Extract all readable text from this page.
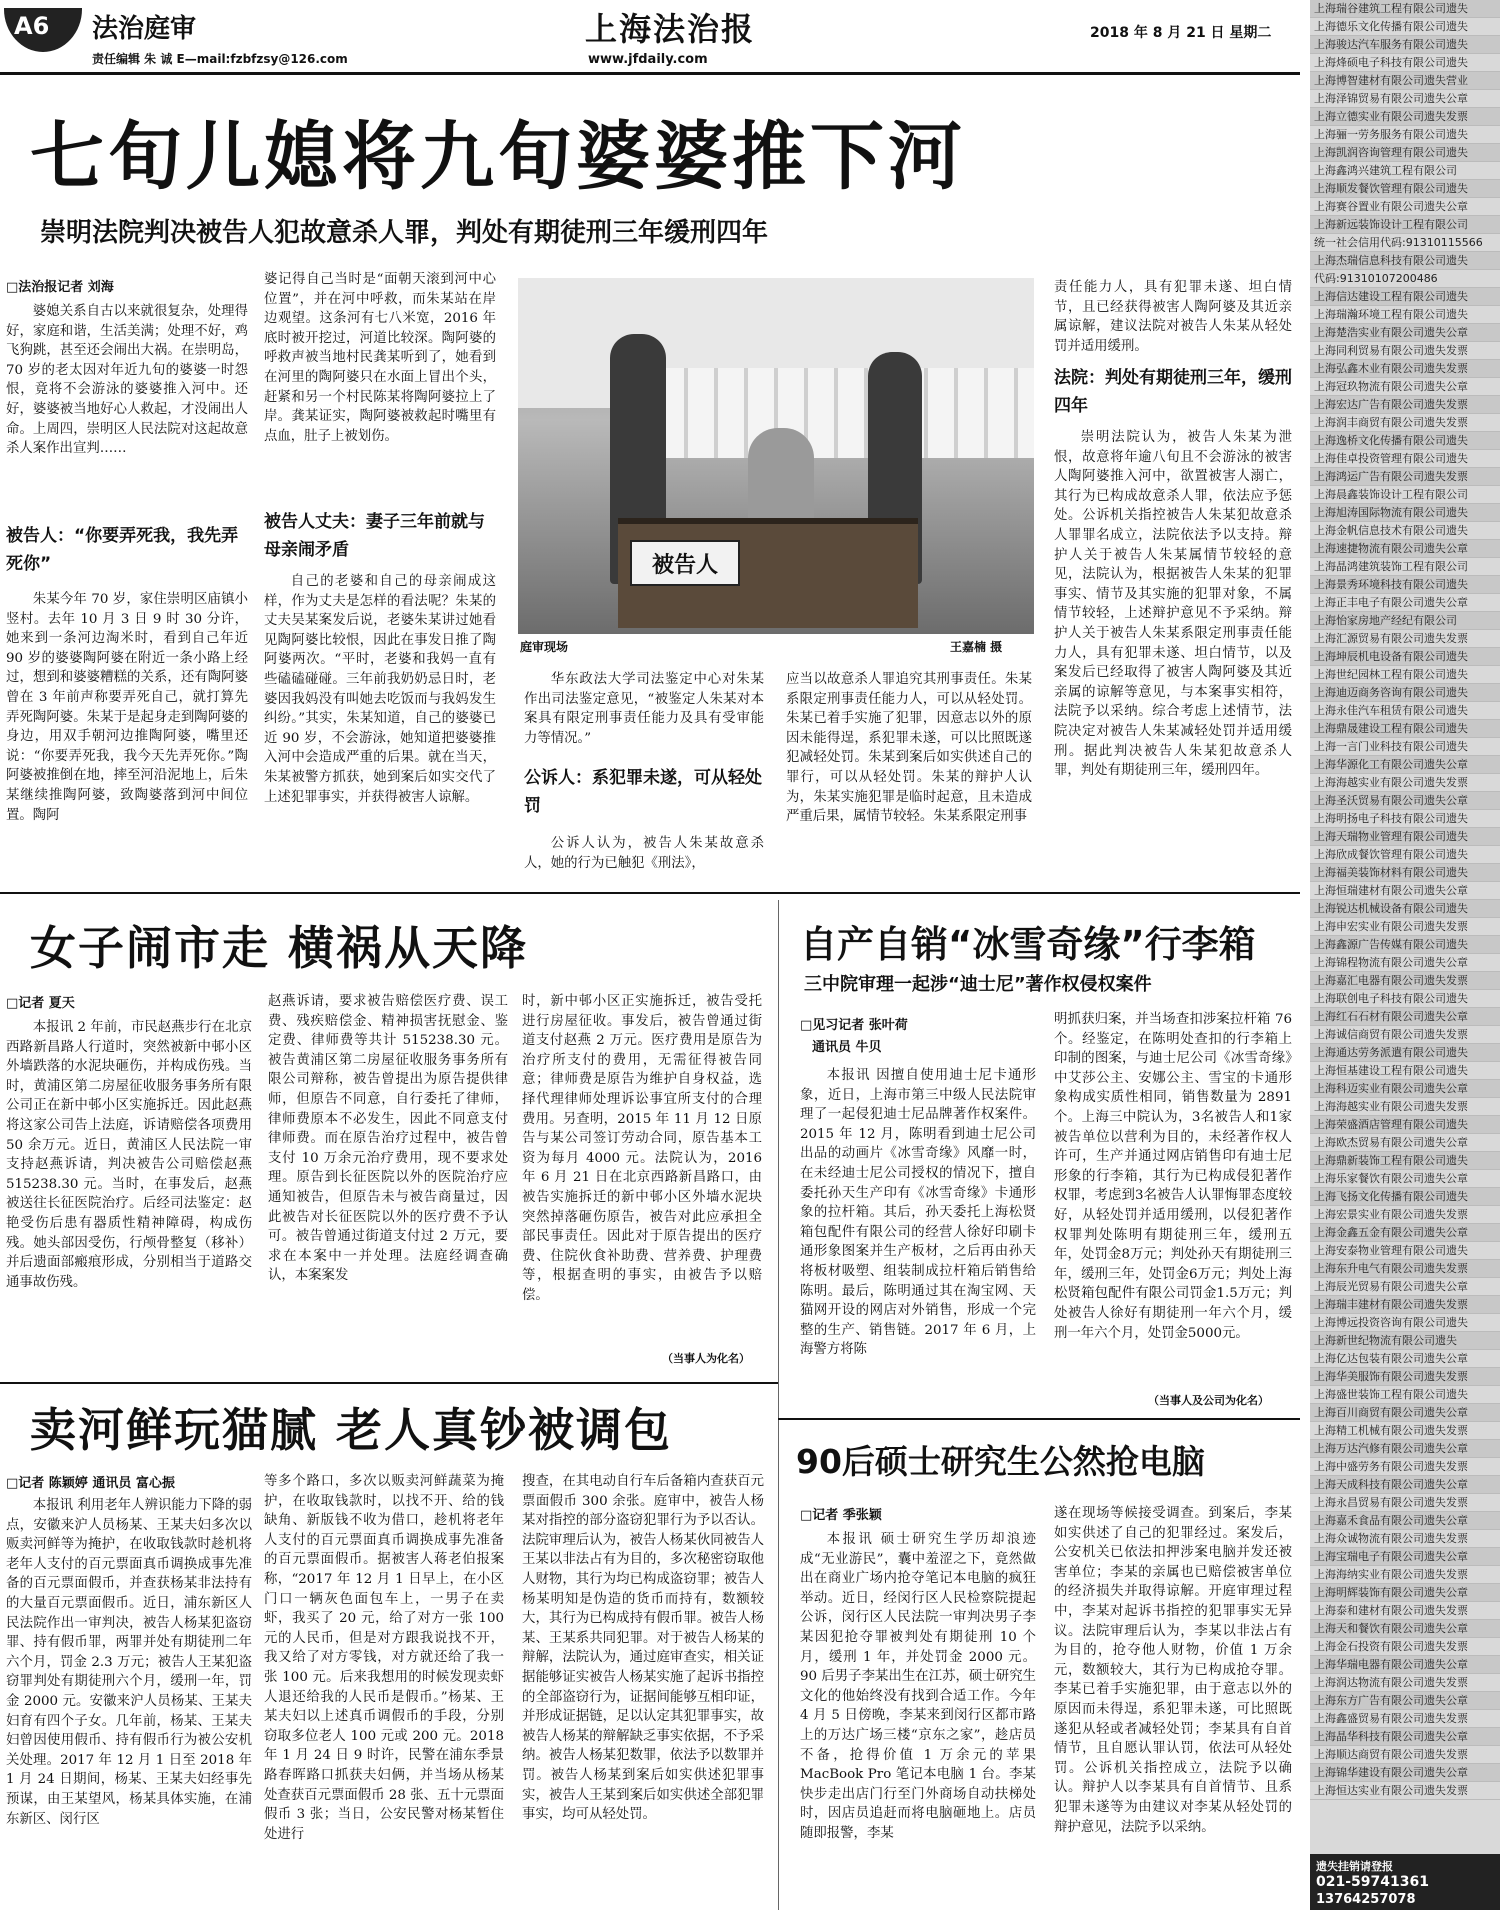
A6 法治庭审
责任编辑 朱 诚 E—mail:fzbfzsy@126.com
上海法治报
www.jfdaily.com
2018 年 8 月 21 日 星期二
七旬儿媳将九旬婆婆推下河
崇明法院判决被告人犯故意杀人罪，判处有期徒刑三年缓刑四年
□法治报记者 刘海

婆媳关系自古以来就很复杂，处理得好，家庭和谐，生活美满；处理不好，鸡飞狗跳，甚至还会闹出大祸。在崇明岛，70 岁的老太因对年近九旬的婆婆一时怨恨，竟将不会游泳的婆婆推入河中。还好，婆婆被当地好心人救起，才没闹出人命。上周四，崇明区人民法院对这起故意杀人案作出宣判……

被告人：“你要弄死我，我先弄死你”

朱某今年 70 岁，家住崇明区庙镇小竖村。去年 10 月 3 日 9 时 30 分许，她来到一条河边淘米时，看到自己年近 90 岁的婆婆陶阿婆在附近一条小路上经过，想到和婆婆糟糕的关系，还有陶阿婆曾在 3 年前声称要弄死自己，就打算先弄死陶阿婆。朱某于是起身走到陶阿婆的身边，用双手朝河边推陶阿婆，嘴里还说：“你要弄死我，我今天先弄死你。”陶阿婆被推倒在地，摔至河沿泥地上，后朱某继续推陶阿婆，致陶婆落到河中间位置。陶阿

婆记得自己当时是“面朝天滚到河中心位置”，并在河中呼救，而朱某站在岸边观望。这条河有七八米宽，2016 年底时被开挖过，河道比较深。陶阿婆的呼救声被当地村民龚某听到了，她看到在河里的陶阿婆只在水面上冒出个头，赶紧和另一个村民陈某将陶阿婆拉上了岸。龚某证实，陶阿婆被救起时嘴里有点血，肚子上被划伤。

被告人丈夫：妻子三年前就与母亲闹矛盾

自己的老婆和自己的母亲闹成这样，作为丈夫是怎样的看法呢？朱某的丈夫吴某案发后说，老婆朱某讲过她看见陶阿婆比较恨，因此在事发日推了陶阿婆两次。“平时，老婆和我妈一直有些磕磕碰碰。三年前我奶奶忌日时，老婆因我妈没有叫她去吃饭而与我妈发生纠纷。”其实，朱某知道，自己的婆婆已近 90 岁，不会游泳，她知道把婆婆推入河中会造成严重的后果。就在当天，朱某被警方抓获，她到案后如实交代了上述犯罪事实，并获得被害人谅解。

被告人
庭审现场	王嘉楠 摄

华东政法大学司法鉴定中心对朱某作出司法鉴定意见，“被鉴定人朱某对本案具有限定刑事责任能力及具有受审能力等情况。”

公诉人：系犯罪未遂，可从轻处罚

公诉人认为，被告人朱某故意杀人，她的行为已触犯《刑法》，

应当以故意杀人罪追究其刑事责任。朱某系限定刑事责任能力人，可以从轻处罚。朱某已着手实施了犯罪，因意志以外的原因未能得逞，系犯罪未遂，可以比照既遂犯减轻处罚。朱某到案后如实供述自己的罪行，可以从轻处罚。朱某的辩护人认为，朱某实施犯罪是临时起意，且未造成严重后果，属情节较轻。朱某系限定刑事

责任能力人，具有犯罪未遂、坦白情节，且已经获得被害人陶阿婆及其近亲属谅解，建议法院对被告人朱某从轻处罚并适用缓刑。

法院：判处有期徒刑三年，缓刑四年

崇明法院认为，被告人朱某为泄恨，故意将年逾八旬且不会游泳的被害人陶阿婆推入河中，欲置被害人溺亡，其行为已构成故意杀人罪，依法应予惩处。公诉机关指控被告人朱某犯故意杀人罪罪名成立，法院依法予以支持。辩护人关于被告人朱某属情节较轻的意见，法院认为，根据被告人朱某的犯罪事实、情节及其实施的犯罪对象，不属情节较轻，上述辩护意见不予采纳。辩护人关于被告人朱某系限定刑事责任能力人，具有犯罪未遂、坦白情节，以及案发后已经取得了被害人陶阿婆及其近亲属的谅解等意见，与本案事实相符，法院予以采纳。综合考虑上述情节，法院决定对被告人朱某减轻处罚并适用缓刑。据此判决被告人朱某犯故意杀人罪，判处有期徒刑三年，缓刑四年。

女子闹市走 横祸从天降
□记者 夏天

本报讯 2 年前，市民赵燕步行在北京西路新昌路人行道时，突然被新中邨小区外墙跌落的水泥块砸伤，并构成伤残。当时，黄浦区第二房屋征收服务事务所有限公司正在新中邨小区实施拆迁。因此赵燕将这家公司告上法庭，诉请赔偿各项费用 50 余万元。近日，黄浦区人民法院一审支持赵燕诉请，判决被告公司赔偿赵燕 515238.30 元。当时，在事发后，赵燕被送往长征医院治疗。后经司法鉴定：赵艳受伤后患有器质性精神障碍，构成伤残。她头部因受伤，行颅骨整复（移补）并后遗面部瘢痕形成，分别相当于道路交通事故伤残。

赵燕诉请，要求被告赔偿医疗费、误工费、残疾赔偿金、精神损害抚慰金、鉴定费、律师费等共计 515238.30 元。被告黄浦区第二房屋征收服务事务所有限公司辩称，被告曾提出为原告提供律师，但原告不同意，自行委托了律师，律师费原本不必发生，因此不同意支付律师费。而在原告治疗过程中，被告曾支付 10 万余元治疗费用，现不要求处理。原告到长征医院以外的医院治疗应通知被告，但原告未与被告商量过，因此被告对长征医院以外的医疗费不予认可。被告曾通过街道支付过 2 万元，要求在本案中一并处理。法庭经调查确认，本案案发

时，新中邨小区正实施拆迁，被告受托进行房屋征收。事发后，被告曾通过街道支付赵燕 2 万元。医疗费用是原告为治疗所支付的费用，无需征得被告同意；律师费是原告为维护自身权益，选择代理律师处理诉讼事宜所支付的合理费用。另查明，2015 年 11 月 12 日原告与某公司签订劳动合同，原告基本工资为每月 4000 元。法院认为，2016 年 6 月 21 日在北京西路新昌路口，由被告实施拆迁的新中邨小区外墙水泥块突然掉落砸伤原告，被告对此应承担全部民事责任。因此对于原告提出的医疗费、住院伙食补助费、营养费、护理费等，根据查明的事实，由被告予以赔偿。

（当事人为化名）
自产自销“冰雪奇缘”行李箱
三中院审理一起涉“迪士尼”著作权侵权案件
□见习记者 张叶荷
通讯员 牛贝

本报讯 因擅自使用迪士尼卡通形象，近日，上海市第三中级人民法院审理了一起侵犯迪士尼品牌著作权案件。2015 年 12 月，陈明看到迪士尼公司出品的动画片《冰雪奇缘》风靡一时，在未经迪士尼公司授权的情况下，擅自委托孙天生产印有《冰雪奇缘》卡通形象的拉杆箱。其后，孙天委托上海松贤箱包配件有限公司的经营人徐好印刷卡通形象图案并生产板材，之后再由孙天将板材吸塑、组装制成拉杆箱后销售给陈明。最后，陈明通过其在淘宝网、天猫网开设的网店对外销售，形成一个完整的生产、销售链。2017 年 6 月，上海警方将陈

明抓获归案，并当场查扣涉案拉杆箱 76 个。经鉴定，在陈明处查扣的行李箱上印制的图案，与迪士尼公司《冰雪奇缘》中艾莎公主、安娜公主、雪宝的卡通形象构成实质性相同，销售数量为 2891 个。上海三中院认为，3名被告人和1家被告单位以营利为目的，未经著作权人许可，生产并通过网店销售印有迪士尼形象的行李箱，其行为已构成侵犯著作权罪，考虑到3名被告人认罪悔罪态度较好，从轻处罚并适用缓刑，以侵犯著作权罪判处陈明有期徒刑三年，缓刑五年，处罚金8万元；判处孙天有期徒刑三年，缓刑三年，处罚金6万元；判处上海松贤箱包配件有限公司罚金1.5万元；判处被告人徐好有期徒刑一年六个月，缓刑一年六个月，处罚金5000元。

（当事人及公司为化名）
卖河鲜玩猫腻 老人真钞被调包
□记者 陈颖婷 通讯员 富心振

本报讯 利用老年人辨识能力下降的弱点，安徽来沪人员杨某、王某夫妇多次以贩卖河鲜等为掩护，在收取钱款时趁机将老年人支付的百元票面真币调换成事先准备的百元票面假币，并查获杨某非法持有的大量百元票面假币。近日，浦东新区人民法院作出一审判决，被告人杨某犯盗窃罪、持有假币罪，两罪并处有期徒刑二年六个月，罚金 2.3 万元；被告人王某犯盗窃罪判处有期徒刑六个月，缓刑一年，罚金 2000 元。安徽来沪人员杨某、王某夫妇育有四个子女。几年前，杨某、王某夫妇曾因使用假币、持有假币行为被公安机关处理。2017 年 12 月 1 日至 2018 年 1 月 24 日期间，杨某、王某夫妇经事先预谋，由王某望风，杨某具体实施，在浦东新区、闵行区

等多个路口，多次以贩卖河鲜蔬菜为掩护，在收取钱款时，以找不开、给的钱缺角、新版钱不收为借口，趁机将老年人支付的百元票面真币调换成事先准备的百元票面假币。据被害人蒋老伯报案称，“2017 年 12 月 1 日早上，在小区门口一辆灰色面包车上，一男子在卖虾，我买了 20 元，给了对方一张 100 元的人民币，但是对方跟我说找不开，我又给了对方零钱，对方就还给了我一张 100 元。后来我想用的时候发现卖虾人退还给我的人民币是假币。”杨某、王某夫妇以上述真币调假币的手段，分别窃取多位老人 100 元或 200 元。2018 年 1 月 24 日 9 时许，民警在浦东季景路春晖路口抓获夫妇俩，并当场从杨某处查获百元票面假币 28 张、五十元票面假币 3 张；当日，公安民警对杨某暂住处进行

搜查，在其电动自行车后备箱内查获百元票面假币 300 余张。庭审中，被告人杨某对指控的部分盗窃犯罪行为予以否认。法院审理后认为，被告人杨某伙同被告人王某以非法占有为目的，多次秘密窃取他人财物，其行为均已构成盗窃罪；被告人杨某明知是伪造的货币而持有，数额较大，其行为已构成持有假币罪。被告人杨某、王某系共同犯罪。对于被告人杨某的辩解，法院认为，通过庭审查实，相关证据能够证实被告人杨某实施了起诉书指控的全部盗窃行为，证据间能够互相印证，并形成证据链，足以认定其犯罪事实，故被告人杨某的辩解缺乏事实依据，不予采纳。被告人杨某犯数罪，依法予以数罪并罚。被告人杨某到案后如实供述犯罪事实，被告人王某到案后如实供述全部犯罪事实，均可从轻处罚。

90后硕士研究生公然抢电脑
□记者 季张颖

本报讯 硕士研究生学历却浪迹成“无业游民”，囊中羞涩之下，竟然做出在商业广场内抢夺笔记本电脑的疯狂举动。近日，经闵行区人民检察院提起公诉，闵行区人民法院一审判决男子李某因犯抢夺罪被判处有期徒刑 10 个月，缓刑 1 年，并处罚金 2000 元。90 后男子李某出生在江苏，硕士研究生文化的他始终没有找到合适工作。今年 4 月 5 日傍晚，李某来到闵行区都市路上的万达广场三楼“京东之家”，趁店员不备，抢得价值 1 万余元的苹果 MacBook Pro 笔记本电脑 1 台。李某快步走出店门行至门外商场自动扶梯处时，因店员追赶而将电脑砸地上。店员随即报警，李某

遂在现场等候接受调查。到案后，李某如实供述了自己的犯罪经过。案发后，公安机关已依法扣押涉案电脑并发还被害单位；李某的亲属也已赔偿被害单位的经济损失并取得谅解。开庭审理过程中，李某对起诉书指控的犯罪事实无异议。法院审理后认为，李某以非法占有为目的，抢夺他人财物，价值 1 万余元，数额较大，其行为已构成抢夺罪。李某已着手实施犯罪，由于意志以外的原因而未得逞，系犯罪未遂，可比照既遂犯从轻或者减轻处罚；李某具有自首情节，且自愿认罪认罚，依法可从轻处罚。公诉机关指控成立，法院予以确认。辩护人以李某具有自首情节、且系犯罪未遂等为由建议对李某从轻处罚的辩护意见，法院予以采纳。

上海瑞谷建筑工程有限公司遗失
上海德乐文化传播有限公司遗失
上海骏达汽车服务有限公司遗失
上海烽硕电子科技有限公司遗失
上海博智建材有限公司遗失营业
上海泽锦贸易有限公司遗失公章
上海立德实业有限公司遗失发票
上海骊一劳务服务有限公司遗失
上海凯润咨询管理有限公司遗失
上海鑫鸿兴建筑工程有限公司
上海顺发餐饮管理有限公司遗失
上海赛谷置业有限公司遗失公章
上海新远装饰设计工程有限公司
统一社会信用代码:91310115566
上海杰瑞信息科技有限公司遗失
代码:91310107200486
上海信达建设工程有限公司遗失
上海瑞瀚环境工程有限公司遗失
上海楚浩实业有限公司遗失公章
上海同利贸易有限公司遗失发票
上海弘鑫木业有限公司遗失发票
上海冠玖物流有限公司遗失公章
上海宏达广告有限公司遗失发票
上海润丰商贸有限公司遗失发票
上海逸桥文化传播有限公司遗失
上海佳卓投资管理有限公司遗失
上海鸿运广告有限公司遗失发票
上海晨鑫装饰设计工程有限公司
上海旭涛国际物流有限公司遗失
上海金帆信息技术有限公司遗失
上海速捷物流有限公司遗失公章
上海晶鸿建筑装饰工程有限公司
上海景秀环境科技有限公司遗失
上海正丰电子有限公司遗失公章
上海怡家房地产经纪有限公司
上海汇源贸易有限公司遗失发票
上海坤辰机电设备有限公司遗失
上海世纪园林工程有限公司遗失
上海迪迈商务咨询有限公司遗失
上海永佳汽车租赁有限公司遗失
上海鼎晟建设工程有限公司遗失
上海一言门业科技有限公司遗失
上海华源化工有限公司遗失公章
上海海越实业有限公司遗失发票
上海圣沃贸易有限公司遗失公章
上海明扬电子科技有限公司遗失
上海天瑞物业管理有限公司遗失
上海欣成餐饮管理有限公司遗失
上海福美装饰材料有限公司遗失
上海恒瑞建材有限公司遗失公章
上海锐达机械设备有限公司遗失
上海申宏实业有限公司遗失发票
上海鑫源广告传媒有限公司遗失
上海锦程物流有限公司遗失公章
上海嘉汇电器有限公司遗失发票
上海联创电子科技有限公司遗失
上海红石石材有限公司遗失公章
上海诚信商贸有限公司遗失发票
上海通达劳务派遣有限公司遗失
上海恒基建设工程有限公司遗失
上海科迈实业有限公司遗失公章
上海海越实业有限公司遗失发票
上海荣盛酒店管理有限公司遗失
上海欧杰贸易有限公司遗失公章
上海鼎新装饰工程有限公司遗失
上海乐家餐饮有限公司遗失公章
上海飞扬文化传播有限公司遗失
上海宏景实业有限公司遗失发票
上海金鑫五金有限公司遗失公章
上海安泰物业管理有限公司遗失
上海东升电气有限公司遗失发票
上海辰光贸易有限公司遗失公章
上海瑞丰建材有限公司遗失发票
上海博远投资咨询有限公司遗失
上海新世纪物流有限公司遗失
上海亿达包装有限公司遗失公章
上海华美服饰有限公司遗失发票
上海盛世装饰工程有限公司遗失
上海百川商贸有限公司遗失公章
上海精工机械有限公司遗失发票
上海万达汽修有限公司遗失公章
上海中盛劳务有限公司遗失发票
上海天成科技有限公司遗失公章
上海永昌贸易有限公司遗失发票
上海嘉禾食品有限公司遗失公章
上海众诚物流有限公司遗失发票
上海宝瑞电子有限公司遗失公章
上海海纳实业有限公司遗失发票
上海明辉装饰有限公司遗失公章
上海泰和建材有限公司遗失发票
上海天和餐饮有限公司遗失公章
上海金石投资有限公司遗失发票
上海华瑞电器有限公司遗失公章
上海润达物流有限公司遗失发票
上海东方广告有限公司遗失公章
上海鑫盛贸易有限公司遗失发票
上海晶华科技有限公司遗失公章
上海顺达商贸有限公司遗失发票
上海锦华建设有限公司遗失公章
上海恒达实业有限公司遗失发票
遗失挂销请登报
021-59741361
13764257078
